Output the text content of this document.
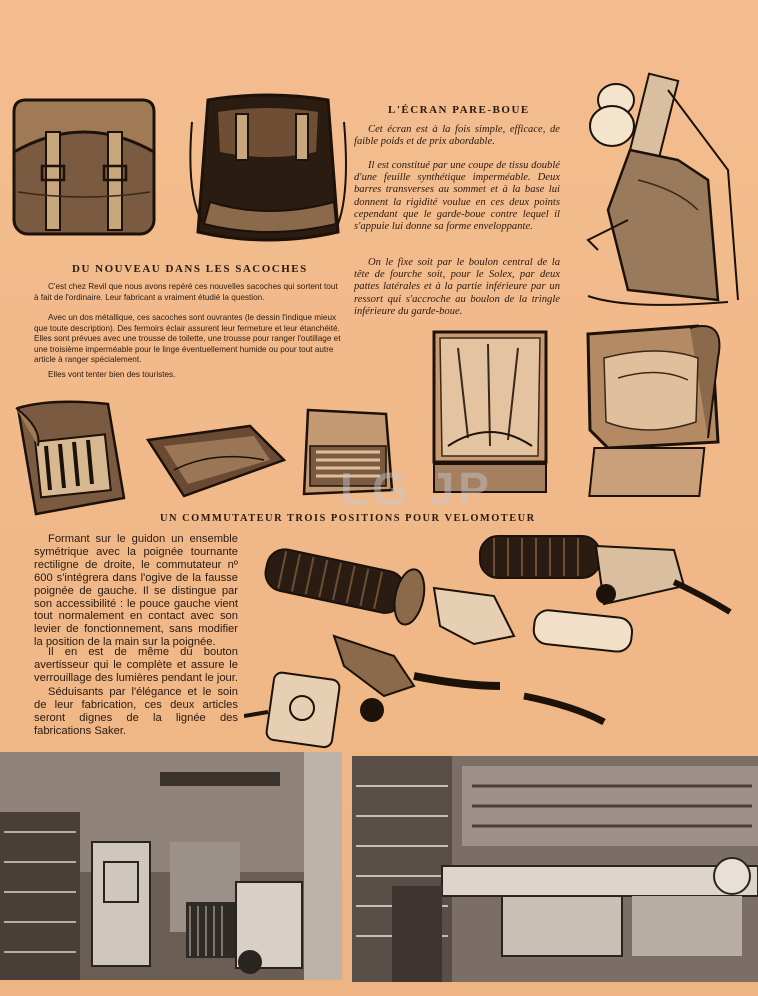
L'ÉCRAN PARE-BOUE

Cet écran est à la fois simple, efficace, de faible poids et de prix abordable.

Il est constitué par une coupe de tissu doublé d'une feuille synthétique imperméable. Deux barres transverses au sommet et à la base lui donnent la rigidité voulue en ces deux points cependant que le garde-boue contre lequel il s'appuie lui donne sa forme enveloppante.

On le fixe soit par le boulon central de la tête de fourche soit, pour le Solex, par deux pattes latérales et à la partie inférieure par un ressort qui s'accroche au boulon de la tringle inférieure du garde-boue.

DU NOUVEAU DANS LES SACOCHES

C'est chez Revil que nous avons repéré ces nouvelles sacoches qui sortent tout à fait de l'ordinaire. Leur fabricant a vraiment étudié la question.

Avec un dos métallique, ces sacoches sont ouvrantes (le dessin l'indique mieux que toute description). Des fermoirs éclair assurent leur fermeture et leur étanchéité. Elles sont prévues avec une trousse de toilette, une trousse pour ranger l'outillage et une troisième imperméable pour le linge éventuellement humide ou pour tout autre article à ranger spécialement.

Elles vont tenter bien des touristes.

LG JP
UN COMMUTATEUR TROIS POSITIONS POUR VELOMOTEUR

Formant sur le guidon un ensemble symétrique avec la poignée tournante rectiligne de droite, le commutateur nº 600 s'intégrera dans l'ogive de la fausse poignée de gauche. Il se distingue par son accessibilité : le pouce gauche vient tout normalement en contact avec son levier de fonctionnement, sans modifier la position de la main sur la poignée.

Il en est de même du bouton avertisseur qui le complète et assure le verrouillage des lumières pendant le jour.

Séduisants par l'élégance et le soin de leur fabrication, ces deux articles seront dignes de la lignée des fabrications Saker.
